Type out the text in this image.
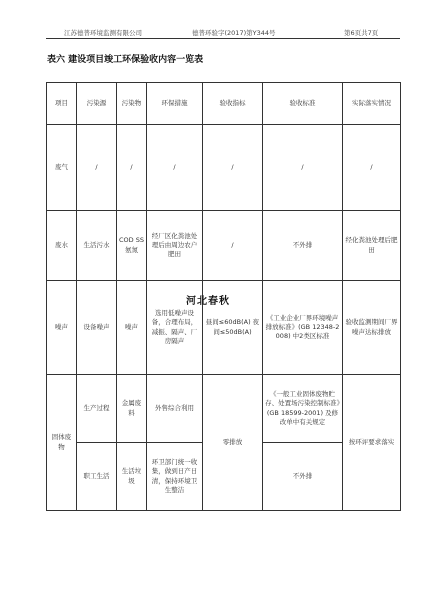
江苏德普环境监测有限公司	德普环验字(2017)第Y344号	第6页共7页
表六 建设项目竣工环保验收内容一览表
项目	污染源	污染物	环保措施	验收指标	验收标准	实际落实情况
废气	/	/	/	/	/	/
废水	生活污水	COD SS 氨氮	经厂区化粪池处理后由周边农户肥田	/	不外排	经化粪池处理后肥田
噪声	设备噪声	噪声	选用低噪声设备，合理布局，减振、隔声、厂房隔声	昼间≤60dB(A) 夜间≤50dB(A)	《工业企业厂界环境噪声排放标准》(GB 12348-2008) 中2类区标准	验收监测期间厂界噪声达标排放
固体废物	生产过程	金属废料	外售综合利用	零排放	《一般工业固体废物贮存、处置场污染控制标准》(GB 18599-2001) 及修改单中有关规定	按环评要求落实
	职工生活	生活垃圾	环卫部门统一收集，做到日产日清，保持环境卫生整洁		不外排	
河北春秋
